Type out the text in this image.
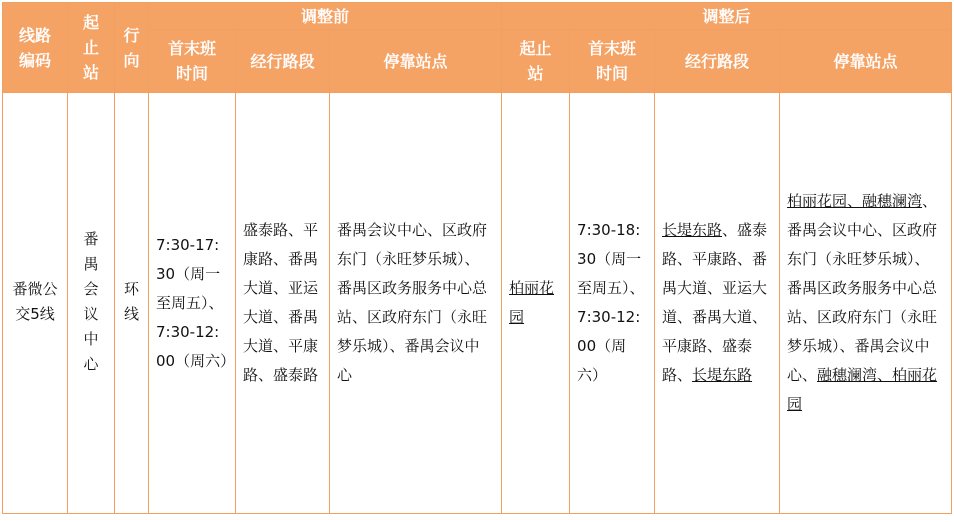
线路编码	起止站	行向	调整前			调整后			
			首末班时间	经行路段	停靠站点	起止站	首末班时间	经行路段	停靠站点
番微公交5线	番禺会议中心	环线	7:30-17:30（周一至周五）、7:30-12:00（周六）	盛泰路、平康路、番禺大道、亚运大道、番禺大道、平康路、盛泰路	番禺会议中心、区政府东门（永旺梦乐城）、番禺区政务服务中心总站、区政府东门（永旺梦乐城）、番禺会议中心	柏丽花园	7:30-18:30（周一至周五）、7:30-12:00（周六）	长堤东路、盛泰路、平康路、番禺大道、亚运大道、番禺大道、平康路、盛泰路、长堤东路	柏丽花园、融穗澜湾、番禺会议中心、区政府东门（永旺梦乐城）、番禺区政务服务中心总站、区政府东门（永旺梦乐城）、番禺会议中心、融穗澜湾、柏丽花园
